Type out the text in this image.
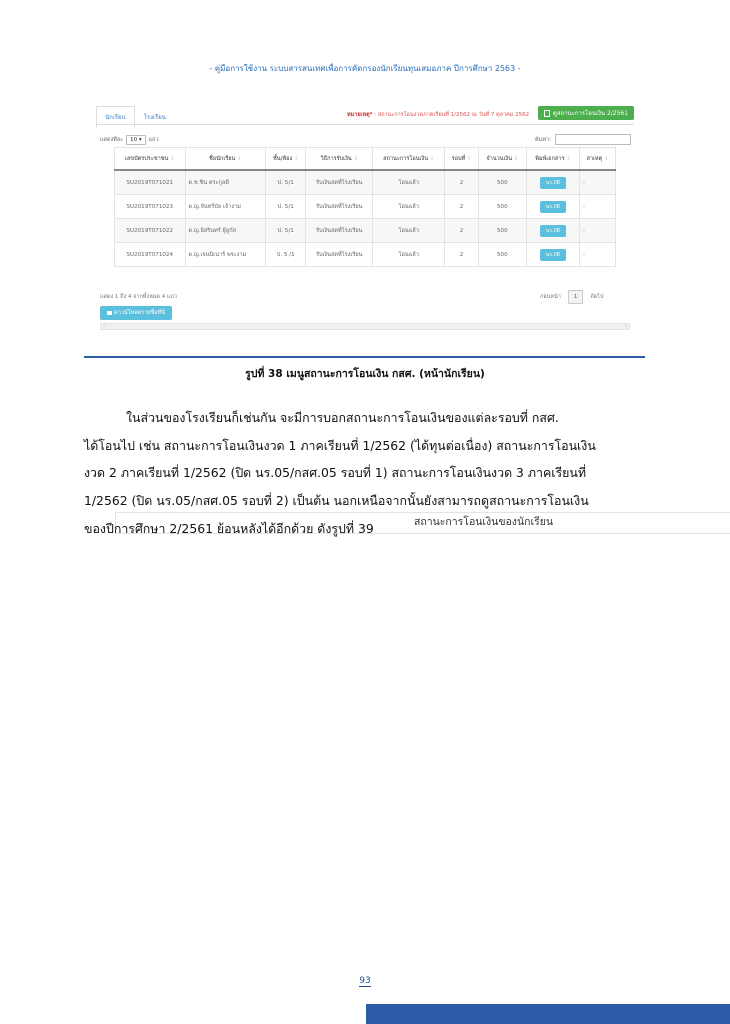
- คู่มือการใช้งาน ระบบสารสนเทศเพื่อการคัดกรองนักเรียนทุนเสมอภาค ปีการศึกษา 2563 -
นักเรียน	โรงเรียน	หมายเหตุ* : สถานะการโอนงวดภาคเรียนที่ 1/2562 ณ วันที่ 7 ตุลาคม 2562	ดูสถานะการโอนเงิน 2/2561
แสดงทีละ	10 ▾	แถว	ค้นหา:
สถานะการโอนเงินของนักเรียน

เลขบัตรประชาชน ⇕	ชื่อนักเรียน ⇕	ชั้น/ห้อง ⇕	วิธีการรับเงิน ⇕	สถานะการโอนเงิน ⇕	รอบที่ ⇕	จำนวนเงิน ⇕	พิมพ์เอกสาร ⇕	สาเหตุ ⇕
SU2019T071021	ด.ช.ชิน ตระกูลดี	ป. 5/1	รับเงินสดที่โรงเรียน	โอนแล้ว	2	500	นร.08	-
SU2019T071023	ด.ญ.จันทร์บัล เจ้างาม	ป. 5/1	รับเงินสดที่โรงเรียน	โอนแล้ว	2	500	นร.08	-
SU2019T071022	ด.ญ.อิสรินทร์ ผู้ลูกัส	ป. 5/1	รับเงินสดที่โรงเรียน	โอนแล้ว	2	500	นร.08	-
SU2019T071024	ด.ญ.เจนนิเนาร์ พระงาม	ป. 5 /1	รับเงินสดที่โรงเรียน	โอนแล้ว	2	500	นร.08	-
แสดง 1 ถึง 4 จากทั้งหมด 4 แถว	ก่อนหน้า	1	ถัดไป
ดาวน์โหลดรายชื่อที่นี่
‹	›
รูปที่ 38 เมนูสถานะการโอนเงิน กสศ. (หน้านักเรียน)
ในส่วนของโรงเรียนก็เช่นกัน จะมีการบอกสถานะการโอนเงินของแต่ละรอบที่ กสศ.
ได้โอนไป เช่น สถานะการโอนเงินงวด 1 ภาคเรียนที่ 1/2562 (ได้ทุนต่อเนื่อง) สถานะการโอนเงิน
งวด 2 ภาคเรียนที่ 1/2562 (ปิด นร.05/กสศ.05 รอบที่ 1) สถานะการโอนเงินงวด 3 ภาคเรียนที่
1/2562 (ปิด นร.05/กสศ.05 รอบที่ 2) เป็นต้น นอกเหนือจากนั้นยังสามารถดูสถานะการโอนเงิน
ของปีการศึกษา 2/2561 ย้อนหลังได้อีกด้วย ดังรูปที่ 39
93
